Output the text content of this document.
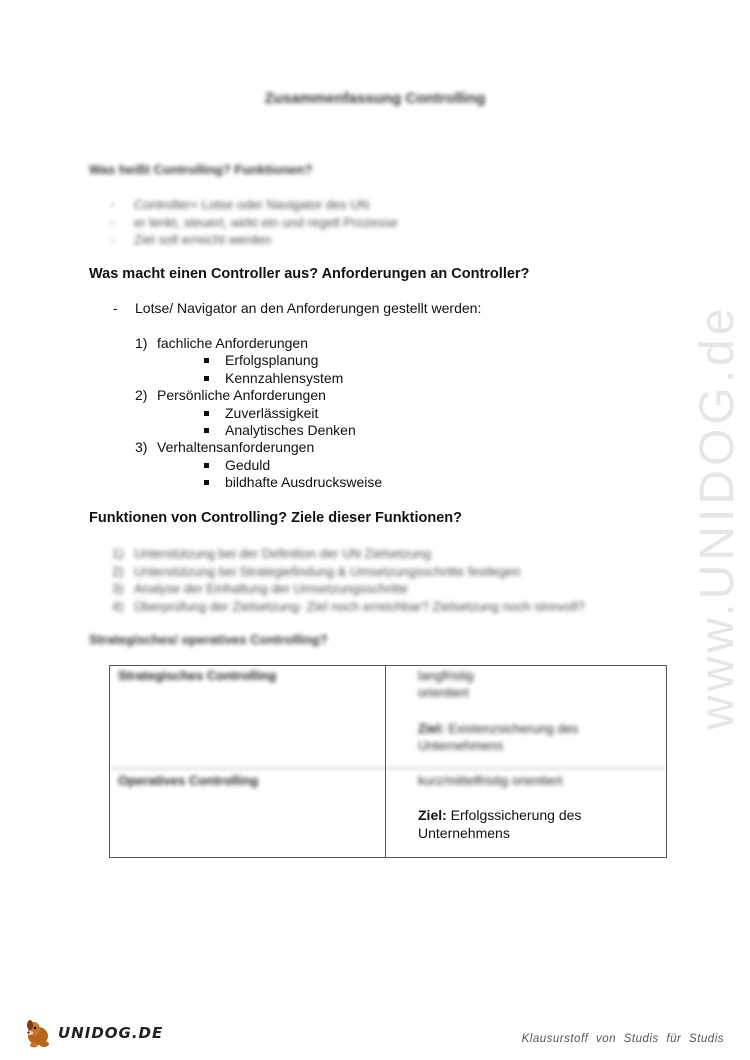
www.UNIDOG.de
Zusammenfassung Controlling
Was heißt Controlling? Funktionen?
- Controller= Lotse oder Navigator des UN
- er lenkt, steuert, wirkt ein und regelt Prozesse
- Ziel soll erreicht werden
Was macht einen Controller aus? Anforderungen an Controller?
- Lotse/ Navigator an den Anforderungen gestellt werden:
1) fachliche Anforderungen
Erfolgsplanung
Kennzahlensystem
2) Persönliche Anforderungen
Zuverlässigkeit
Analytisches Denken
3) Verhaltensanforderungen
Geduld
bildhafte Ausdrucksweise
Funktionen von Controlling? Ziele dieser Funktionen?
1) Unterstützung bei der Definition der UN Zielsetzung
2) Unterstützung bei Strategiefindung & Umsetzungsschritte festlegen
3) Analyse der Einhaltung der Umsetzungsschritte
4) Überprüfung der Zielsetzung- Ziel noch erreichbar? Zielsetzung noch sinnvoll?
Strategisches/ operatives Controlling?
Strategisches Controlling	langfristig
orientiert
Ziel: Existenzsicherung des
Unternehmens
Operatives Controlling	kurz/mittelfristig orientiert
Ziel: Erfolgssicherung des
Unternehmens
UNIDOG.DE	Klausurstoff von Studis für Studis
